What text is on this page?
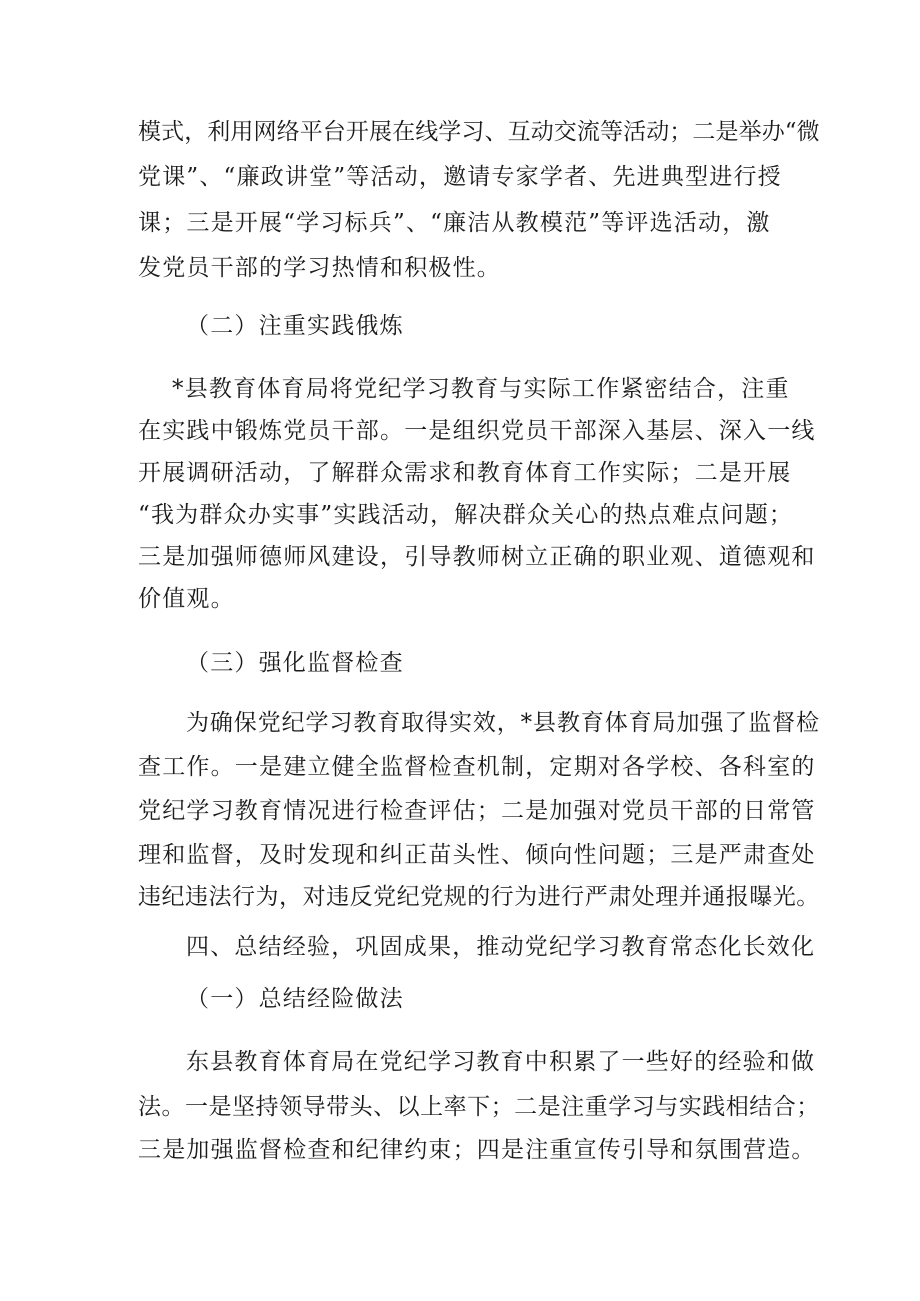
模式，利用网络平台开展在线学习、互动交流等活动；二是举办“微

党课”、“廉政讲堂”等活动，邀请专家学者、先进典型进行授

课；三是开展“学习标兵”、“廉洁从教模范”等评选活动，激

发党员干部的学习热情和积极性。

（二）注重实践俄炼

*县教育体育局将党纪学习教育与实际工作紧密结合，注重

在实践中锻炼党员干部。一是组织党员干部深入基层、深入一线

开展调研活动，了解群众需求和教育体育工作实际；二是开展

“我为群众办实事”实践活动，解决群众关心的热点难点问题；

三是加强师德师风建设，引导教师树立正确的职业观、道德观和

价值观。

（三）强化监督检查

为确保党纪学习教育取得实效，*县教育体育局加强了监督检

查工作。一是建立健全监督检查机制，定期对各学校、各科室的

党纪学习教育情况进行检查评估；二是加强对党员干部的日常管

理和监督，及时发现和纠正苗头性、倾向性问题；三是严肃查处

违纪违法行为，对违反党纪党规的行为进行严肃处理并通报曝光。

四、总结经验，巩固成果，推动党纪学习教育常态化长效化

（一）总结经险做法

东县教育体育局在党纪学习教育中积累了一些好的经验和做

法。一是坚持领导带头、以上率下；二是注重学习与实践相结合；

三是加强监督检查和纪律约束；四是注重宣传引导和氛围营造。
